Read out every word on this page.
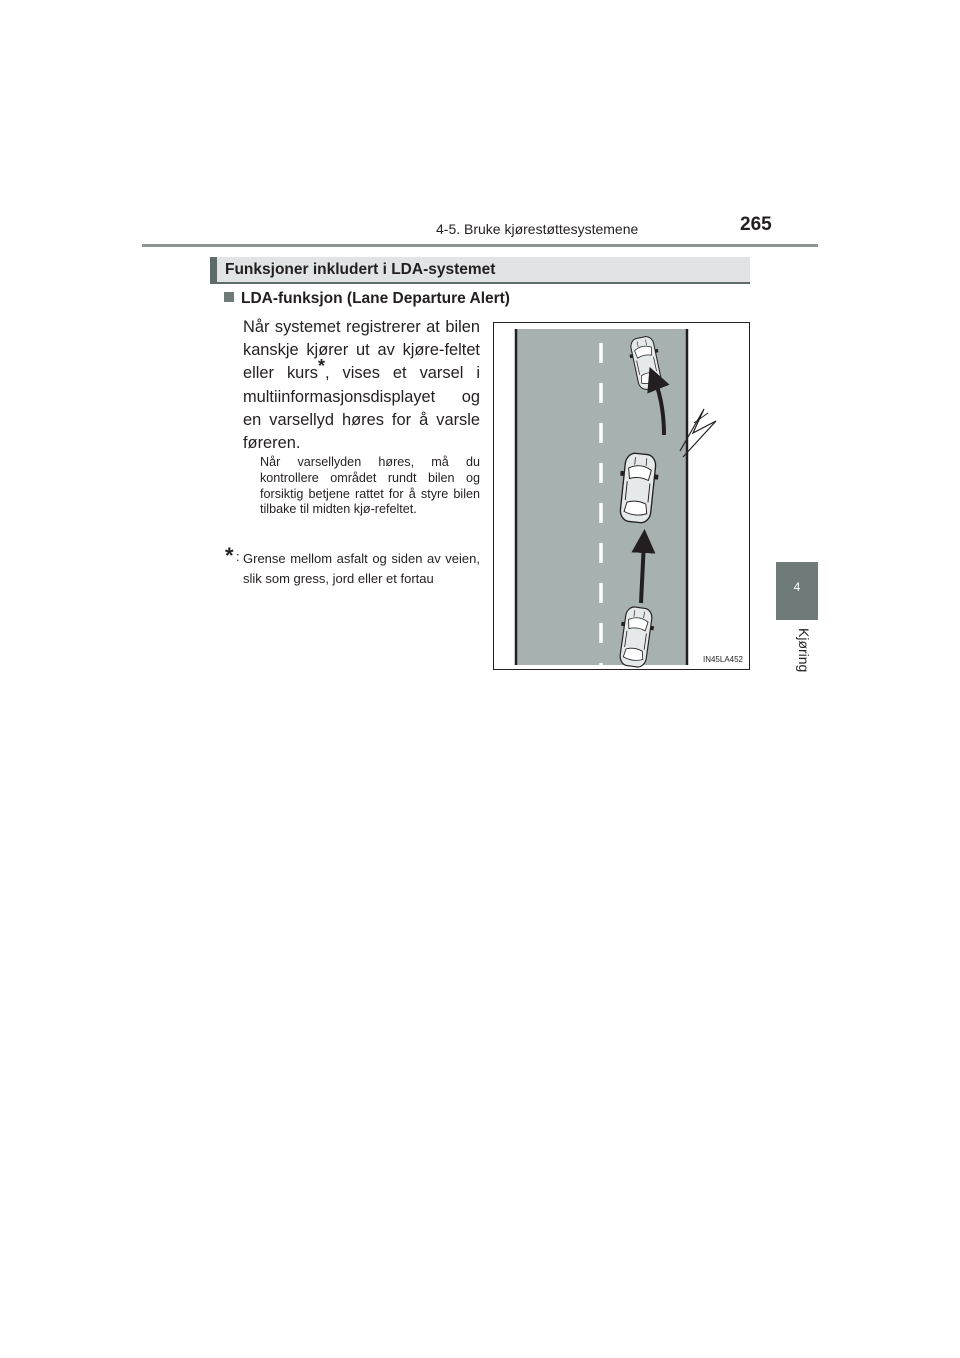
4-5. Bruke kjørestøttesystemene	265
4
Kjøring
Funksjoner inkludert i LDA-systemet
LDA-funksjon (Lane Departure Alert)
Når systemet registrerer at bilen kanskje kjører ut av kjøre-feltet eller kurs*, vises et varsel i multiinformasjonsdisplayet og en varsellyd høres for å varsle føreren.
Når varsellyden høres, må du kontrollere området rundt bilen og forsiktig betjene rattet for å styre bilen tilbake til midten kjø-refeltet.
* : Grense mellom asfalt og siden av veien, slik som gress, jord eller et fortau
IN45LA452
